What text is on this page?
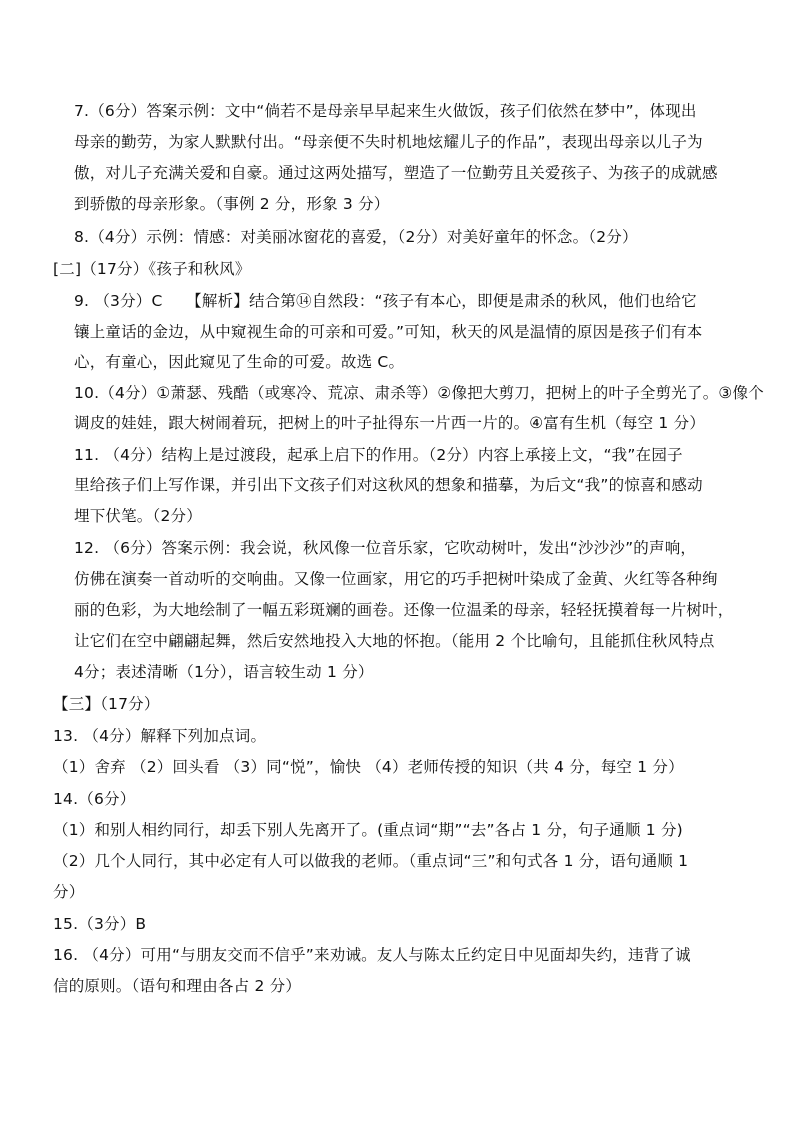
7.（6分）答案示例：文中“倘若不是母亲早早起来生火做饭，孩子们依然在梦中”，体现出
母亲的勤劳，为家人默默付出。“母亲便不失时机地炫耀儿子的作品”，表现出母亲以儿子为
傲，对儿子充满关爱和自豪。通过这两处描写，塑造了一位勤劳且关爱孩子、为孩子的成就感
到骄傲的母亲形象。（事例 2 分，形象 3 分）
8.（4分）示例：情感：对美丽冰窗花的喜爱，（2分）对美好童年的怀念。（2分）
[二]（17分）《孩子和秋风》
9. （3分）C　　【解析】结合第⑭自然段：“孩子有本心，即便是肃杀的秋风，他们也给它
镶上童话的金边，从中窥视生命的可亲和可爱。”可知，秋天的风是温情的原因是孩子们有本
心，有童心，因此窥见了生命的可爱。故选 C。
10.（4分）①萧瑟、残酷（或寒冷、荒凉、肃杀等）②像把大剪刀，把树上的叶子全剪光了。③像个
调皮的娃娃，跟大树闹着玩，把树上的叶子扯得东一片西一片的。④富有生机（每空 1 分）
11. （4分）结构上是过渡段，起承上启下的作用。（2分）内容上承接上文，“我”在园子
里给孩子们上写作课，并引出下文孩子们对这秋风的想象和描摹，为后文“我”的惊喜和感动
埋下伏笔。（2分）
12. （6分）答案示例：我会说，秋风像一位音乐家，它吹动树叶，发出“沙沙沙”的声响，
仿佛在演奏一首动听的交响曲。又像一位画家，用它的巧手把树叶染成了金黄、火红等各种绚
丽的色彩，为大地绘制了一幅五彩斑斓的画卷。还像一位温柔的母亲，轻轻抚摸着每一片树叶，
让它们在空中翩翩起舞，然后安然地投入大地的怀抱。（能用 2 个比喻句，且能抓住秋风特点
4分；表述清晰（1分），语言较生动 1 分）
【三】（17分）
13. （4分）解释下列加点词。
（1）舍弃 （2）回头看 （3）同“悦”，愉快 （4）老师传授的知识（共 4 分，每空 1 分）
14.（6分）
（1）和别人相约同行，却丢下别人先离开了。(重点词“期”“去”各占 1 分，句子通顺 1 分)
（2）几个人同行，其中必定有人可以做我的老师。（重点词“三”和句式各 1 分，语句通顺 1
分）
15.（3分）B
16. （4分）可用“与朋友交而不信乎”来劝诫。友人与陈太丘约定日中见面却失约，违背了诚
信的原则。（语句和理由各占 2 分）
